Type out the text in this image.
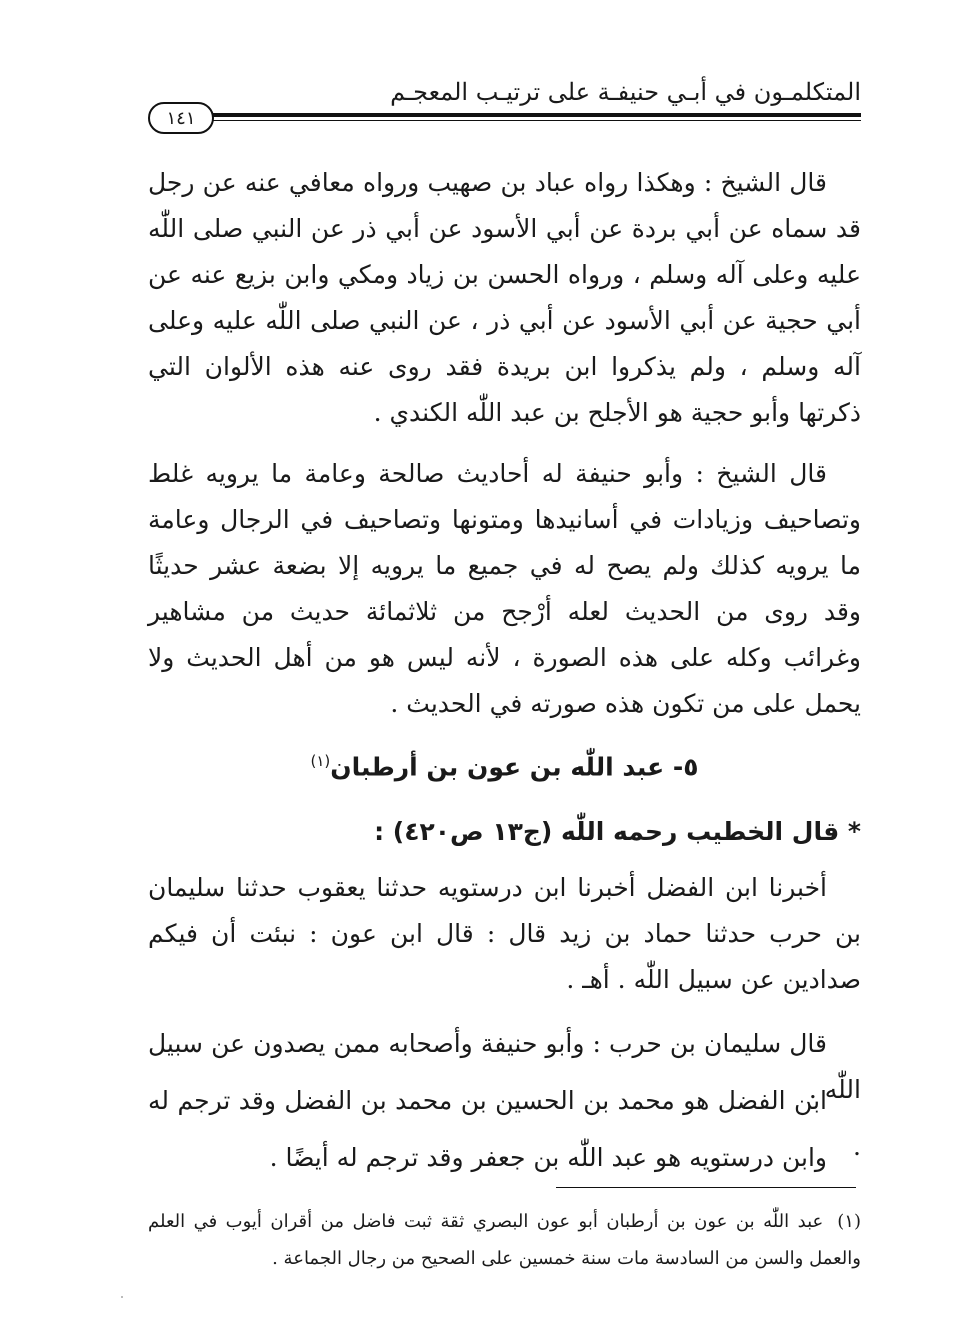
المتكلمـون في أبـي حنيفـة على ترتيـب المعجـم
١٤١
قال الشيخ : وهكذا رواه عباد بن صهيب ورواه معافي عنه عن رجل قد سماه عن أبي بردة عن أبي الأسود عن أبي ذر عن النبي صلى اللّٰه عليه وعلى آله وسلم ، ورواه الحسن بن زياد ومكي وابن بزيع عنه عن أبي حجية عن أبي الأسود عن أبي ذر ، عن النبي صلى اللّٰه عليه وعلى آله وسلم ، ولم يذكروا ابن بريدة فقد روى عنه هذه الألوان التي ذكرتها وأبو حجية هو الأجلح بن عبد اللّٰه الكندي .
قال الشيخ : وأبو حنيفة له أحاديث صالحة وعامة ما يرويه غلط وتصاحيف وزيادات في أسانيدها ومتونها وتصاحيف في الرجال وعامة ما يرويه كذلك ولم يصح له في جميع ما يرويه إلا بضعة عشر حديثًا وقد روى من الحديث لعله أرْجح من ثلاثمائة حديث من مشاهير وغرائب وكله على هذه الصورة ، لأنه ليس هو من أهل الحديث ولا يحمل على من تكون هذه صورته في الحديث .
٥- عبد اللّٰه بن عون بن أرطبان$^{(١)}$
* قال الخطيب رحمه اللّٰه (ج١٣ ص٤٢٠) :
أخبرنا ابن الفضل أخبرنا ابن درستويه حدثنا يعقوب حدثنا سليمان بن حرب حدثنا حماد بن زيد قال : قال ابن عون : نبئت أن فيكم صدادين عن سبيل اللّٰه . أهـ .
قال سليمان بن حرب : وأبو حنيفة وأصحابه ممن يصدون عن سبيل اللّٰه .
ابن الفضل هو محمد بن الحسين بن محمد بن الفضل وقد ترجم له .
وابن درستويه هو عبد اللّٰه بن جعفر وقد ترجم له أيضًا .
(١)عبد اللّٰه بن عون بن أرطبان أبو عون البصري ثقة ثبت فاضل من أقران أيوب في العلم والعمل والسن من السادسة مات سنة خمسين على الصحيح من رجال الجماعة .
